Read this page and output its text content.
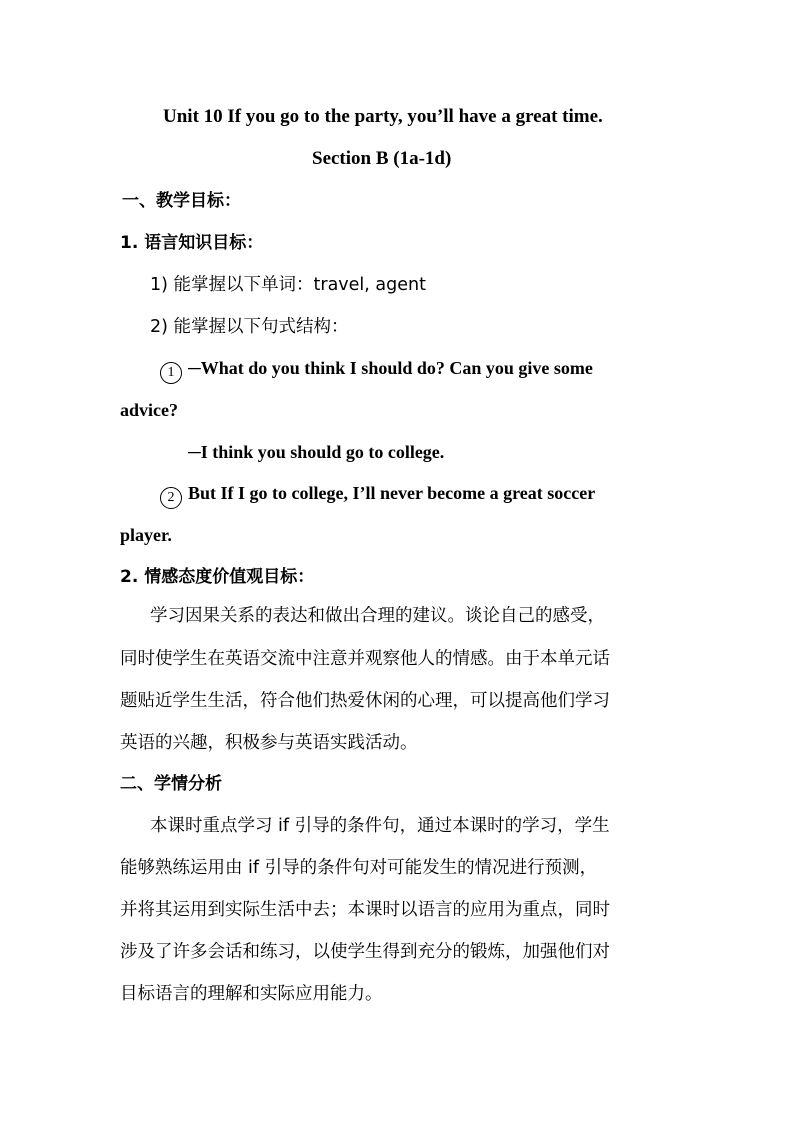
Unit 10 If you go to the party, you’ll have a great time.
Section B (1a-1d)
一、教学目标：
1. 语言知识目标：
1) 能掌握以下单词：travel, agent
2) 能掌握以下句式结构：
1 ─What do you think I should do? Can you give some
advice?
─I think you should go to college.
2 But If I go to college, I’ll never become a great soccer
player.
2. 情感态度价值观目标：
学习因果关系的表达和做出合理的建议。谈论自己的感受，
同时使学生在英语交流中注意并观察他人的情感。由于本单元话
题贴近学生生活，符合他们热爱休闲的心理，可以提高他们学习
英语的兴趣，积极参与英语实践活动。
二、学情分析
本课时重点学习 if 引导的条件句，通过本课时的学习，学生
能够熟练运用由 if 引导的条件句对可能发生的情况进行预测，
并将其运用到实际生活中去；本课时以语言的应用为重点，同时
涉及了许多会话和练习，以使学生得到充分的锻炼，加强他们对
目标语言的理解和实际应用能力。
